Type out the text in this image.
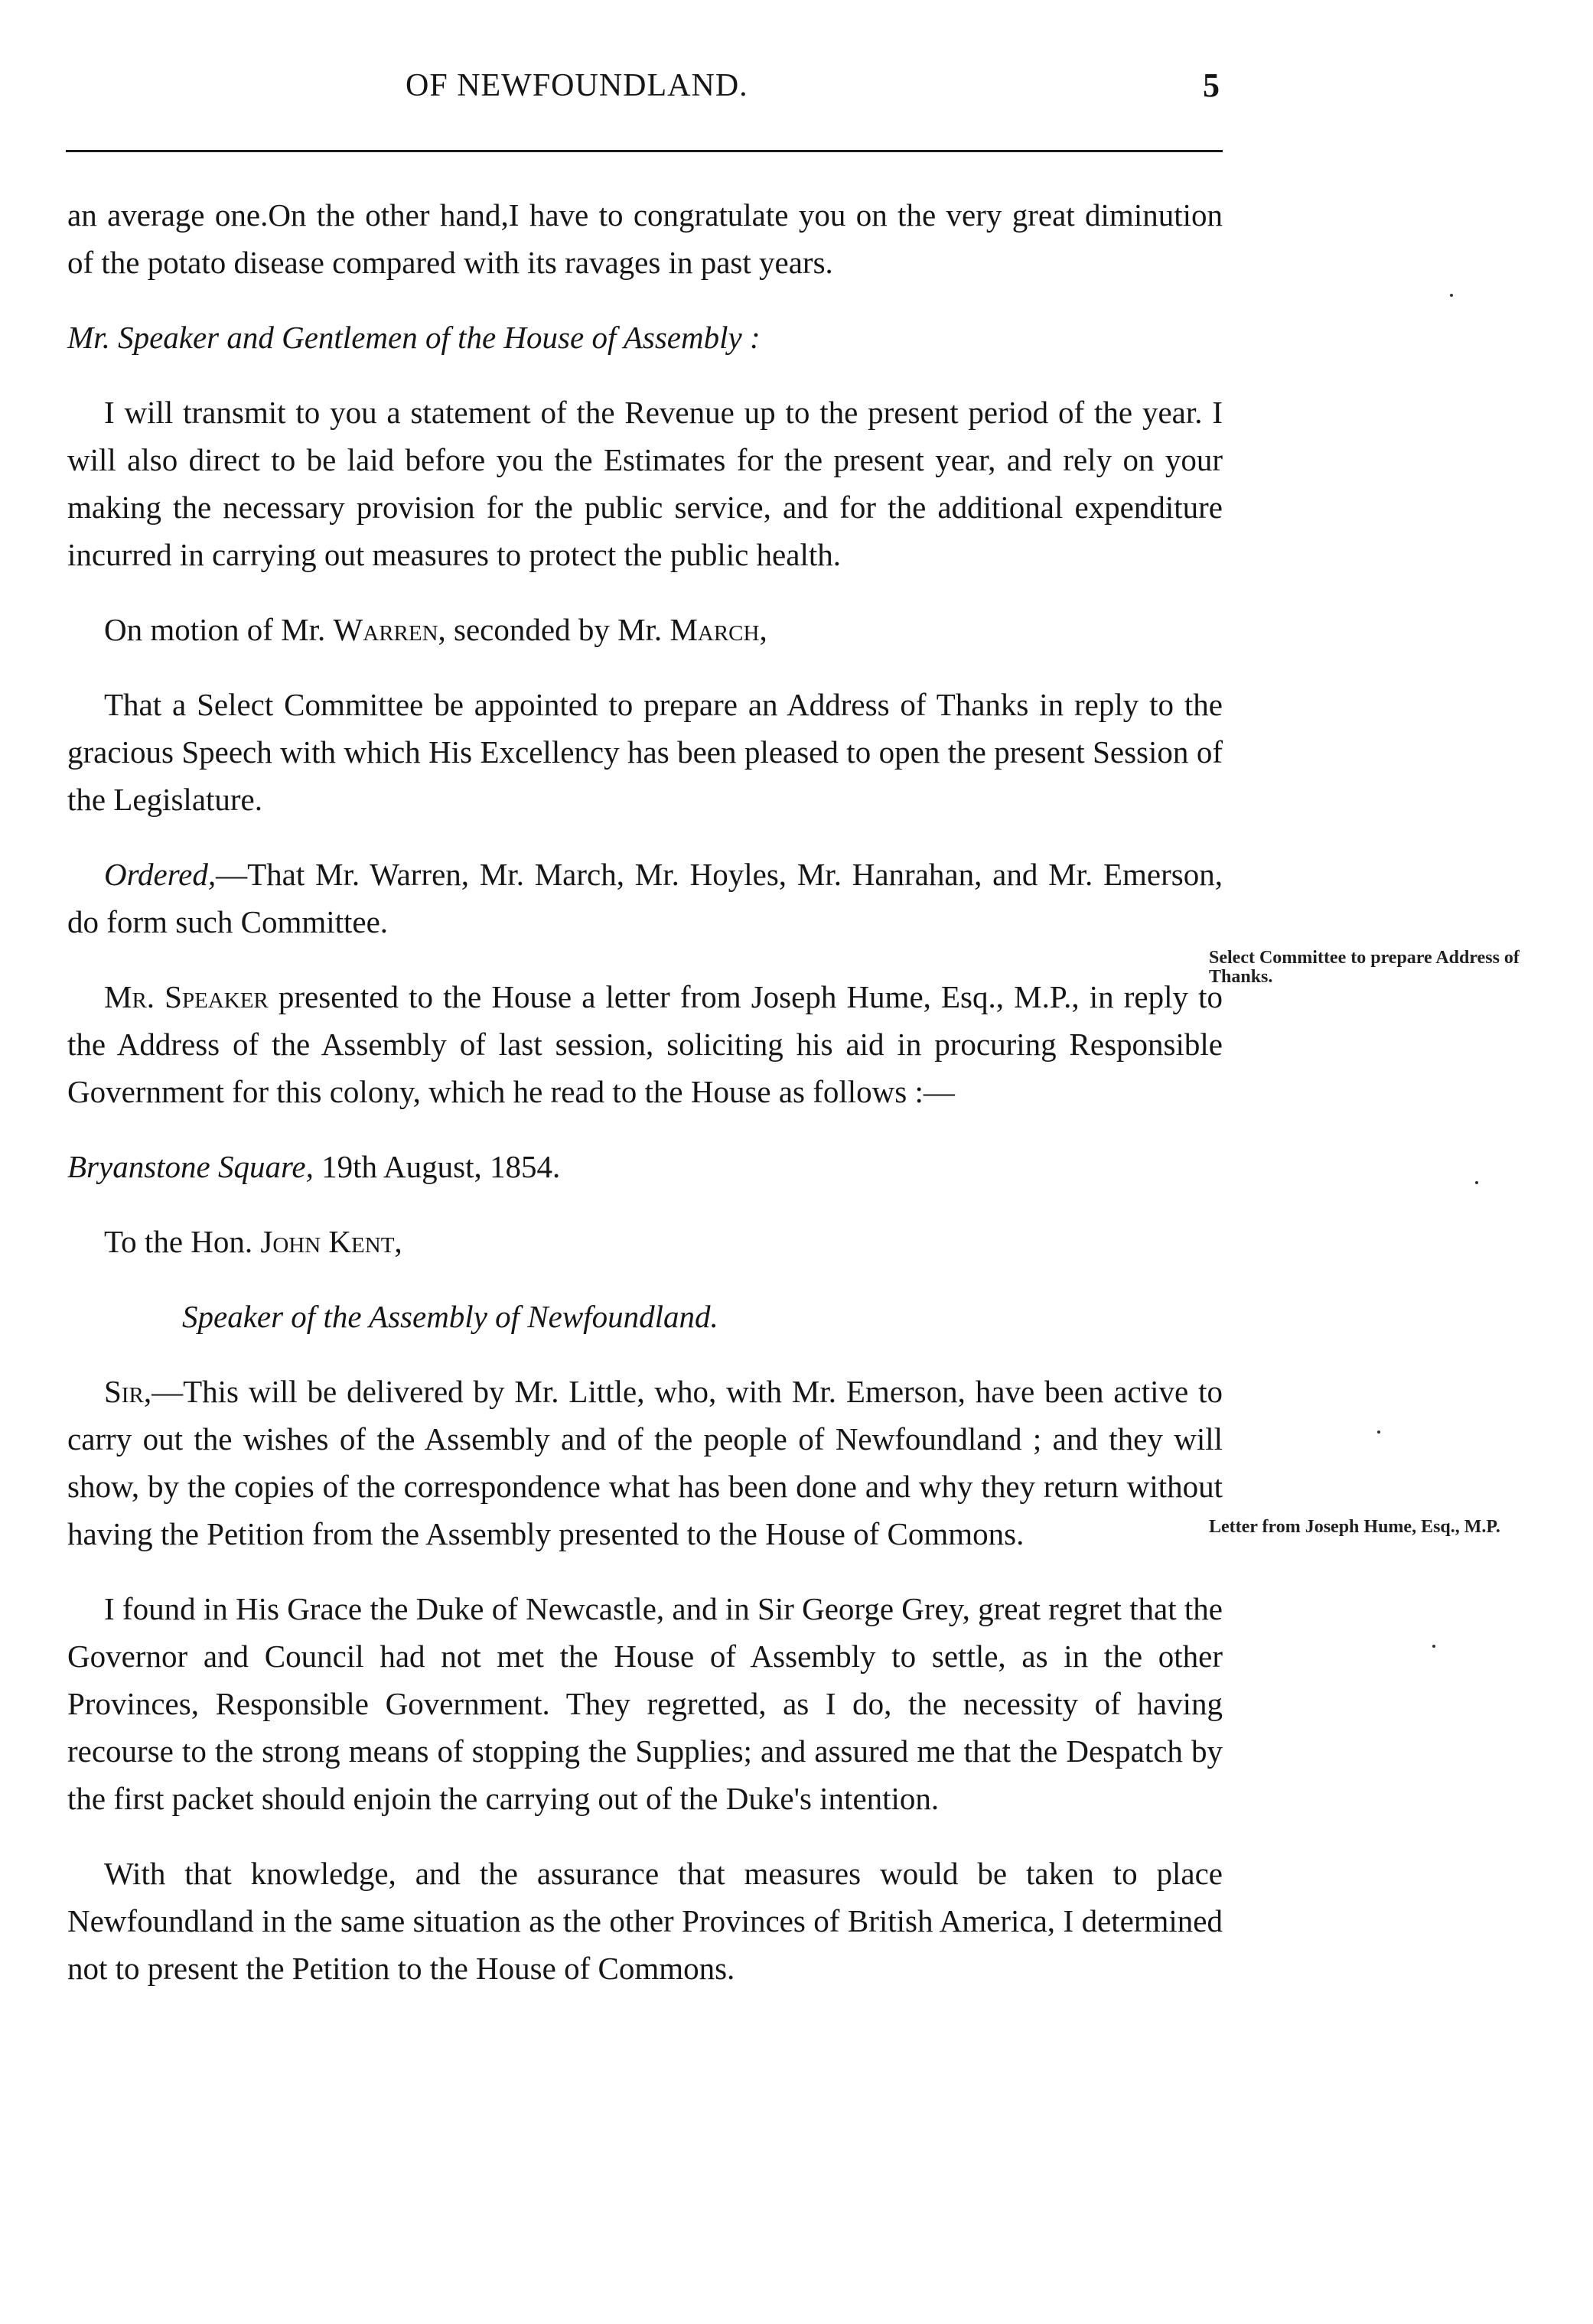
OF NEWFOUNDLAND.	5

an average one.On the other hand,I have to congratulate you on the very great diminution of the potato disease compared with its ravages in past years.

Mr. Speaker and Gentlemen of the House of Assembly :

I will transmit to you a statement of the Revenue up to the present period of the year. I will also direct to be laid before you the Estimates for the present year, and rely on your making the necessary provision for the public service, and for the additional expenditure incurred in carrying out measures to protect the public health.

On motion of Mr. Warren, seconded by Mr. March,

That a Select Committee be appointed to prepare an Address of Thanks in reply to the gracious Speech with which His Excellency has been pleased to open the present Session of the Legislature.

Ordered,—That Mr. Warren, Mr. March, Mr. Hoyles, Mr. Hanrahan, and Mr. Emerson, do form such Committee.

Mr. Speaker presented to the House a letter from Joseph Hume, Esq., M.P., in reply to the Address of the Assembly of last session, soliciting his aid in procuring Responsible Government for this colony, which he read to the House as follows :—

Bryanstone Square, 19th August, 1854.

To the Hon. John Kent,

Speaker of the Assembly of Newfoundland.

Sir,—This will be delivered by Mr. Little, who, with Mr. Emerson, have been active to carry out the wishes of the Assembly and of the people of Newfoundland ; and they will show, by the copies of the correspondence what has been done and why they return without having the Petition from the Assembly presented to the House of Commons.

I found in His Grace the Duke of Newcastle, and in Sir George Grey, great regret that the Governor and Council had not met the House of Assembly to settle, as in the other Provinces, Responsible Government. They regretted, as I do, the necessity of having recourse to the strong means of stopping the Supplies; and assured me that the Despatch by the first packet should enjoin the carrying out of the Duke's intention.

With that knowledge, and the assurance that measures would be taken to place Newfoundland in the same situation as the other Provinces of British America, I determined not to present the Petition to the House of Commons.

Select Committee to prepare Address of Thanks.
Letter from Joseph Hume, Esq., M.P.
